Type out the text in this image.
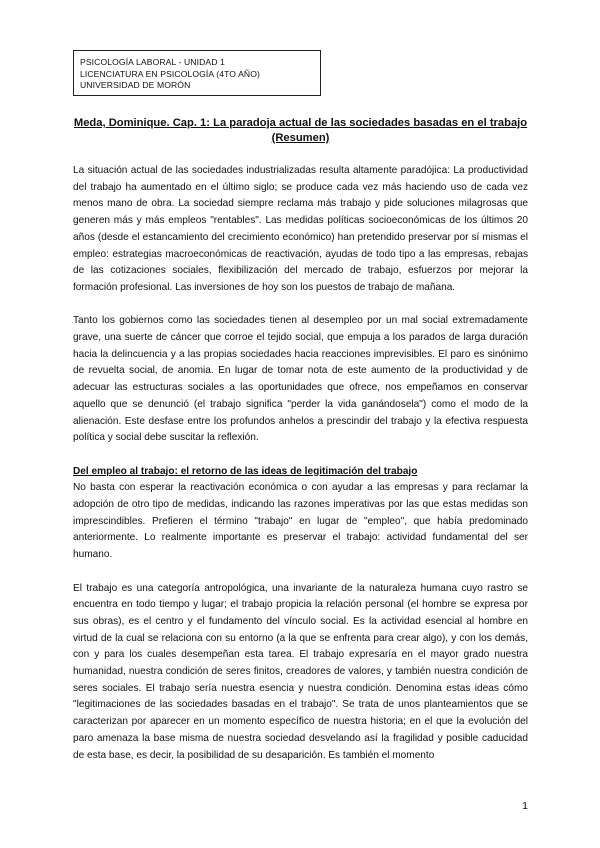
PSICOLOGÍA LABORAL - UNIDAD 1
LICENCIATURA EN PSICOLOGÍA (4TO AÑO)
UNIVERSIDAD DE MORÓN
Meda, Dominique. Cap. 1: La paradoja actual de las sociedades basadas en el trabajo (Resumen)

La situación actual de las sociedades industrializadas resulta altamente paradójica: La productividad del trabajo ha aumentado en el último siglo; se produce cada vez más haciendo uso de cada vez menos mano de obra. La sociedad siempre reclama más trabajo y pide soluciones milagrosas que generen más y más empleos "rentables". Las medidas políticas socioeconómicas de los últimos 20 años (desde el estancamiento del crecimiento económico) han pretendido preservar por sí mismas el empleo: estrategias macroeconómicas de reactivación, ayudas de todo tipo a las empresas, rebajas de las cotizaciones sociales, flexibilización del mercado de trabajo, esfuerzos por mejorar la formación profesional. Las inversiones de hoy son los puestos de trabajo de mañana.

Tanto los gobiernos como las sociedades tienen al desempleo por un mal social extremadamente grave, una suerte de cáncer que corroe el tejido social, que empuja a los parados de larga duración hacia la delincuencia y a las propias sociedades hacia reacciones imprevisibles. El paro es sinónimo de revuelta social, de anomia. En lugar de tomar nota de este aumento de la productividad y de adecuar las estructuras sociales a las oportunidades que ofrece, nos empeñamos en conservar aquello que se denunció (el trabajo significa "perder la vida ganándosela") como el modo de la alienación. Este desfase entre los profundos anhelos a prescindir del trabajo y la efectiva respuesta política y social debe suscitar la reflexión.

Del empleo al trabajo: el retorno de las ideas de legitimación del trabajo

No basta con esperar la reactivación económica o con ayudar a las empresas y para reclamar la adopción de otro tipo de medidas, indicando las razones imperativas por las que estas medidas son imprescindibles. Prefieren el término "trabajo" en lugar de "empleo", que había predominado anteriormente. Lo realmente importante es preservar el trabajo: actividad fundamental del ser humano.

El trabajo es una categoría antropológica, una invariante de la naturaleza humana cuyo rastro se encuentra en todo tiempo y lugar; el trabajo propicia la relación personal (el hombre se expresa por sus obras), es el centro y el fundamento del vínculo social. Es la actividad esencial al hombre en virtud de la cual se relaciona con su entorno (a la que se enfrenta para crear algo), y con los demás, con y para los cuales desempeñan esta tarea. El trabajo expresaría en el mayor grado nuestra humanidad, nuestra condición de seres finitos, creadores de valores, y también nuestra condición de seres sociales. El trabajo sería nuestra esencia y nuestra condición. Denomina estas ideas cómo "legitimaciones de las sociedades basadas en el trabajo". Se trata de unos planteamientos que se caracterizan por aparecer en un momento específico de nuestra historia; en el que la evolución del paro amenaza la base misma de nuestra sociedad desvelando así la fragilidad y posible caducidad de esta base, es decir, la posibilidad de su desaparición. Es también el momento

1
